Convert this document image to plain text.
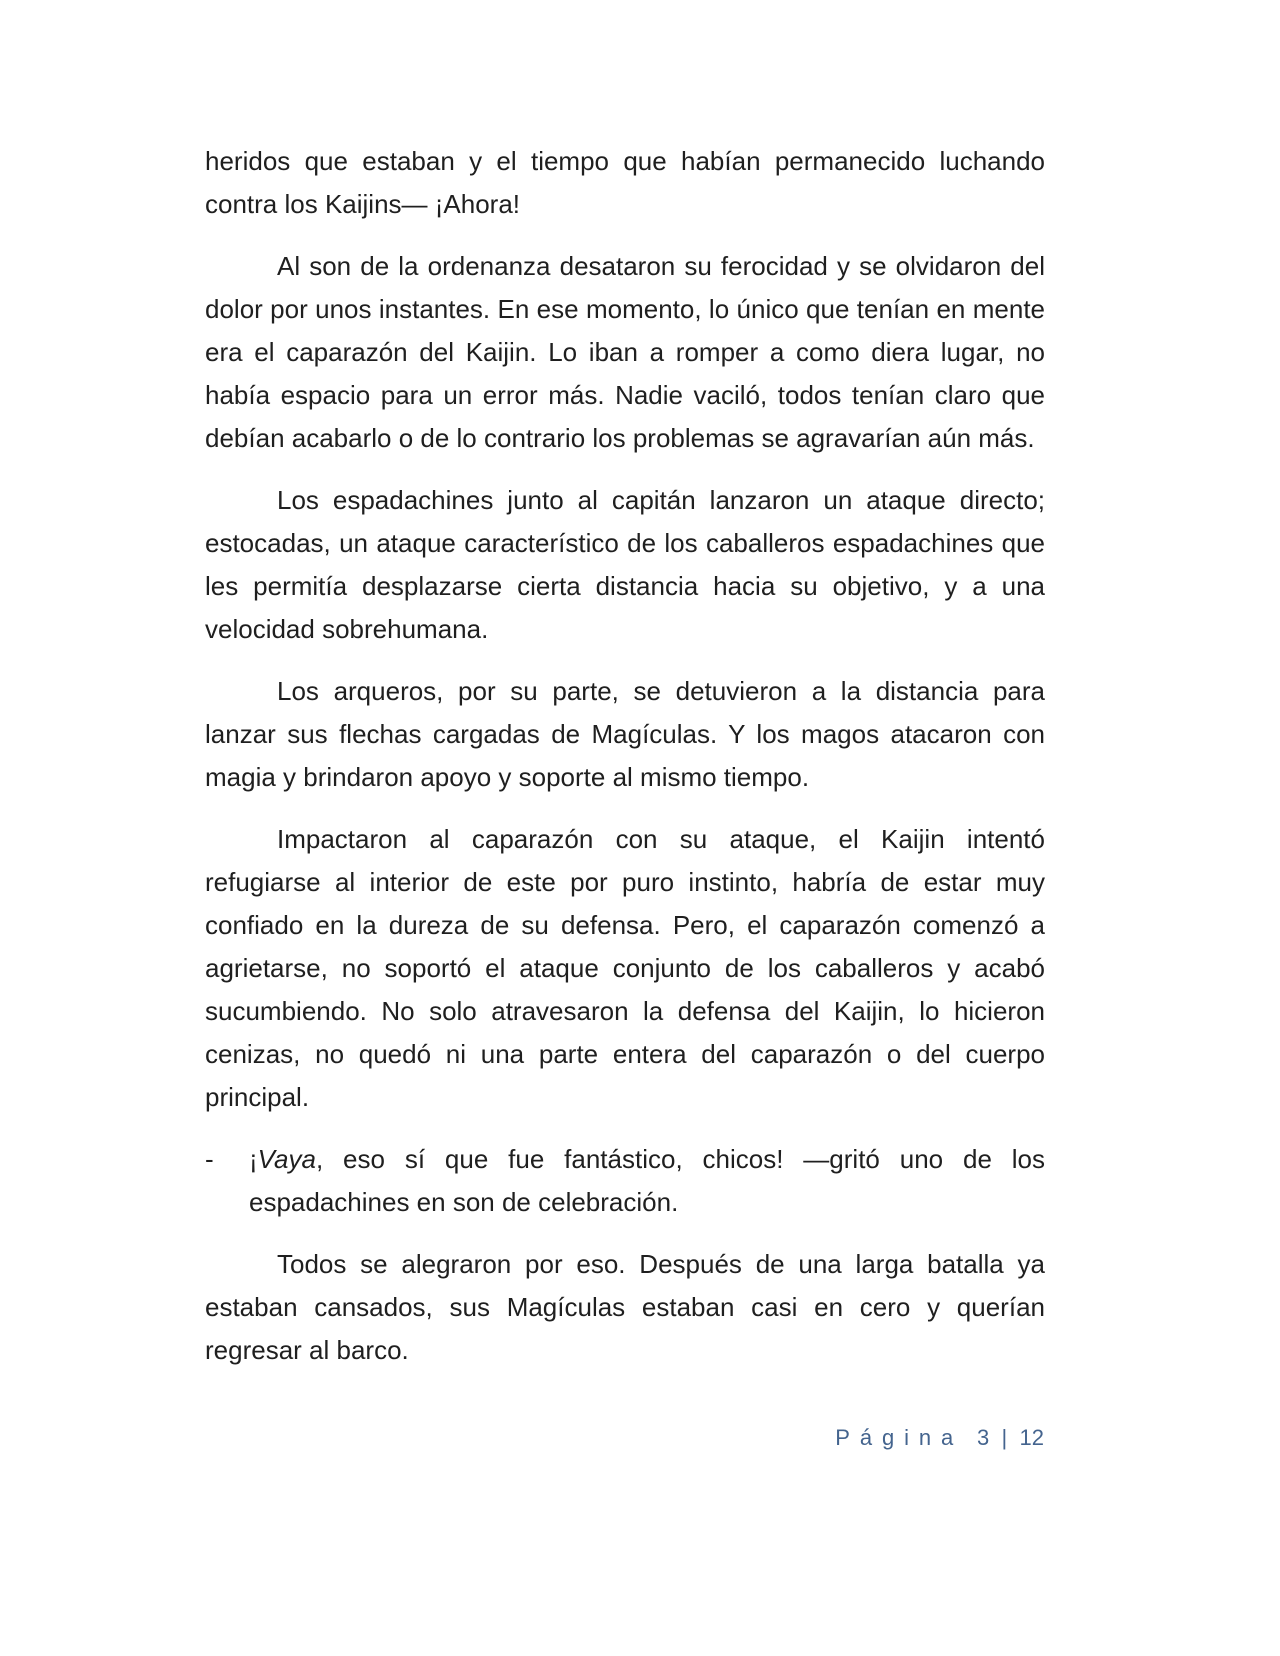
heridos que estaban y el tiempo que habían permanecido luchando contra los Kaijins— ¡Ahora!

Al son de la ordenanza desataron su ferocidad y se olvidaron del dolor por unos instantes. En ese momento, lo único que tenían en mente era el caparazón del Kaijin. Lo iban a romper a como diera lugar, no había espacio para un error más. Nadie vaciló, todos tenían claro que debían acabarlo o de lo contrario los problemas se agravarían aún más.

Los espadachines junto al capitán lanzaron un ataque directo; estocadas, un ataque característico de los caballeros espadachines que les permitía desplazarse cierta distancia hacia su objetivo, y a una velocidad sobrehumana.

Los arqueros, por su parte, se detuvieron a la distancia para lanzar sus flechas cargadas de Magículas. Y los magos atacaron con magia y brindaron apoyo y soporte al mismo tiempo.

Impactaron al caparazón con su ataque, el Kaijin intentó refugiarse al interior de este por puro instinto, habría de estar muy confiado en la dureza de su defensa. Pero, el caparazón comenzó a agrietarse, no soportó el ataque conjunto de los caballeros y acabó sucumbiendo. No solo atravesaron la defensa del Kaijin, lo hicieron cenizas, no quedó ni una parte entera del caparazón o del cuerpo principal.

- ¡Vaya, eso sí que fue fantástico, chicos! —gritó uno de los espadachines en son de celebración.

Todos se alegraron por eso. Después de una larga batalla ya estaban cansados, sus Magículas estaban casi en cero y querían regresar al barco.

Página 3 | 12
